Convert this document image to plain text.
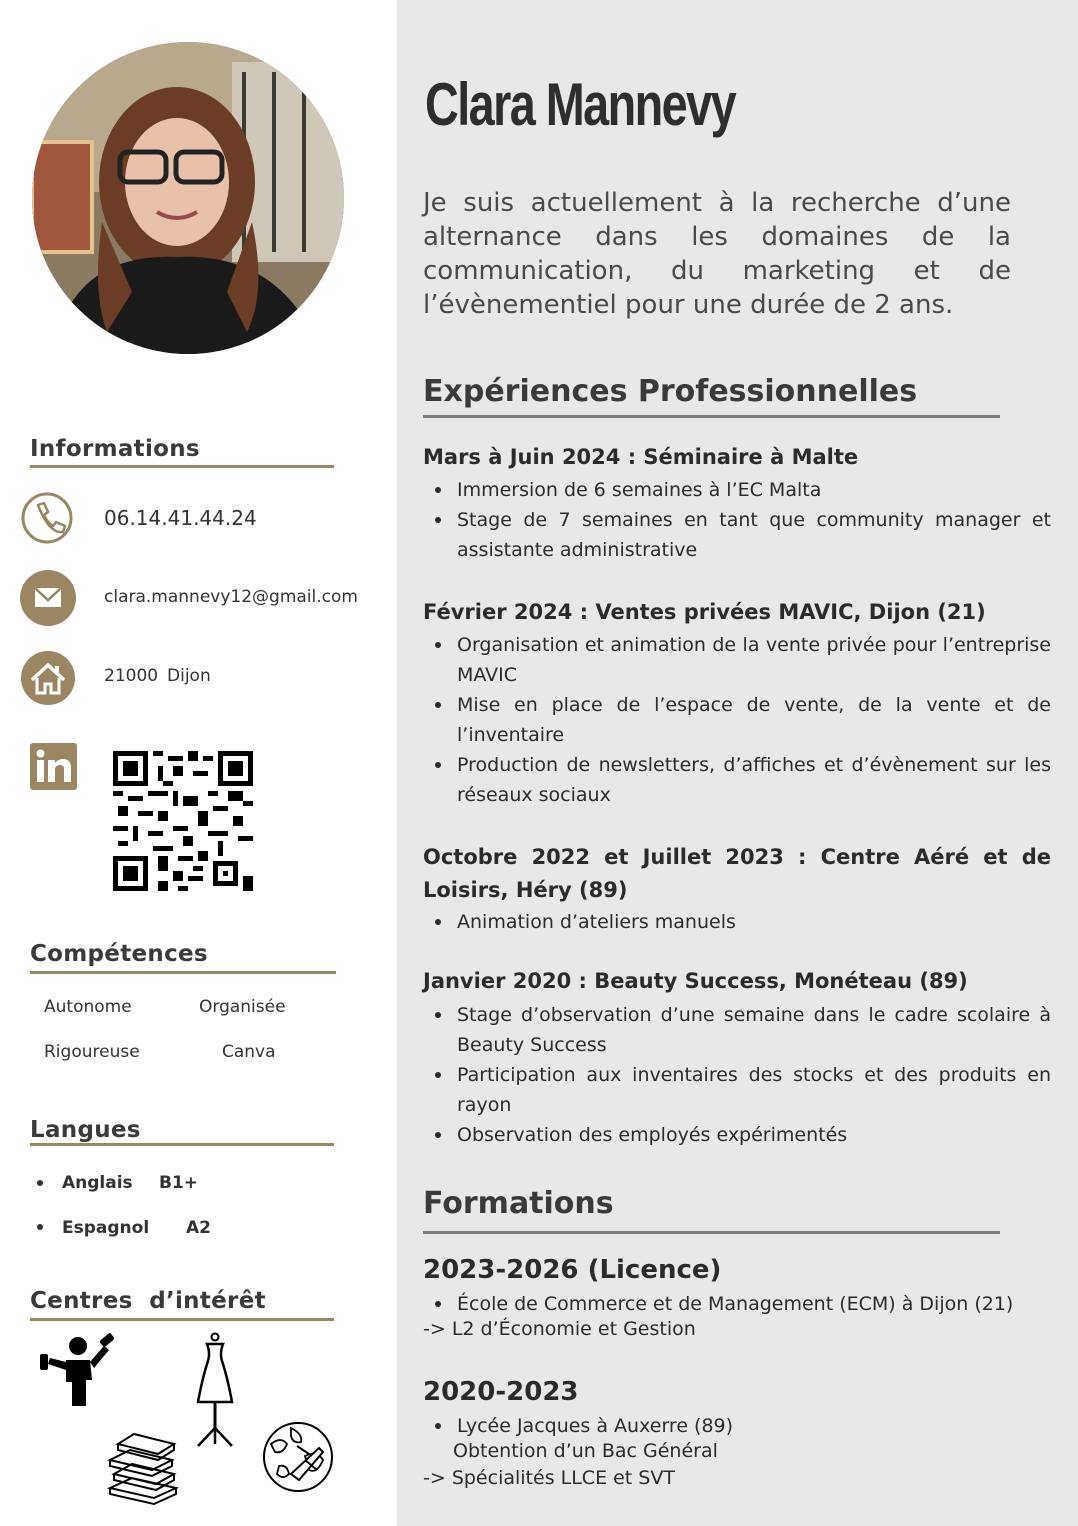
Informations
06.14.41.44.24
clara.mannevy12@gmail.com
21000 Dijon
Compétences
Autonome	Organisée
Rigoureuse	Canva
Langues
Anglais B1+
Espagnol A2
Centres  d’intérêt
Clara Mannevy
Je suis actuellement à la recherche d’une alternance dans les domaines de la communication, du marketing et de l’évènementiel pour une durée de 2 ans.
Expériences Professionnelles
Mars à Juin 2024 : Séminaire à Malte
Immersion de 6 semaines à l’EC Malta
Stage de 7 semaines en tant que community manager et assistante administrative
Février 2024 : Ventes privées MAVIC, Dijon (21)
Organisation et animation de la vente privée pour l’entreprise MAVIC
Mise en place de l’espace de vente, de la vente et de l’inventaire
Production de newsletters, d’affiches et d’évènement sur les réseaux sociaux
Octobre 2022 et Juillet 2023 : Centre Aéré et de Loisirs, Héry (89)
Animation d’ateliers manuels
Janvier 2020 : Beauty Success, Monéteau (89)
Stage d’observation d’une semaine dans le cadre scolaire à Beauty Success
Participation aux inventaires des stocks et des produits en rayon
Observation des employés expérimentés
Formations
2023-2026 (Licence)
École de Commerce et de Management (ECM) à Dijon (21)
-> L2 d’Économie et Gestion
2020-2023
Lycée Jacques à Auxerre (89)
Obtention d’un Bac Général
-> Spécialités LLCE et SVT
